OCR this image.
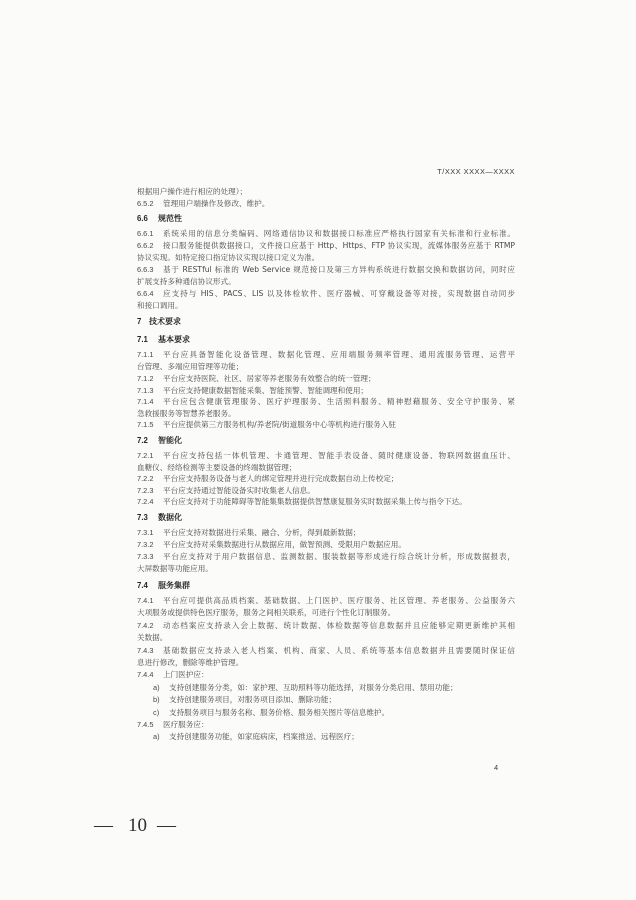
T/XXX XXXX—XXXX
根据用户操作进行相应的处理）；
6.5.2	管理用户端操作及修改、维护。
6.6	规范性
6.6.1	系统采用的信息分类编码、网络通信协议和数据接口标准应严格执行国家有关标准和行业标准。
6.6.2	接口服务能提供数据接口，文件接口应基于 Http、Https、FTP 协议实现，流媒体服务应基于 RTMP
协议实现。如特定接口指定协议实现以接口定义为准。
6.6.3	基于 RESTful 标准的 Web Service 规范接口及第三方异构系统进行数据交换和数据访问，同时应
扩展支持多种通信协议形式。
6.6.4	应支持与 HIS、PACS、LIS 以及体检软件、医疗器械、可穿戴设备等对接，实现数据自动同步
和接口调用。
7 技术要求
7.1	基本要求
7.1.1	平台应具备智能化设备管理、数据化管理、应用端服务频率管理、通用流服务管理、运营平
台管理、多端应用管理等功能；
7.1.2	平台应支持医院、社区、居家等养老服务有效整合的统一管理；
7.1.3	平台应支持健康数据智能采集、智能预警、智能调理和使用；
7.1.4	平台应包含健康管理服务、医疗护理服务、生活照料服务、精神慰藉服务、安全守护服务、紧
急救援服务等智慧养老服务。
7.1.5	平台应提供第三方服务机构/养老院/街道服务中心等机构进行服务入驻
7.2	智能化
7.2.1	平台应支持包括一体机管理、卡通管理、智能手表设备、随时健康设备、物联网数据血压计、
血糖仪、经络检测等主要设备的终端数据管理；
7.2.2	平台应支持服务设备与老人的绑定管理并进行完成数据自动上传校定；
7.2.3	平台应支持通过智能设备实时收集老人信息。
7.2.4	平台应支持对于功能障碍等智能集集数据提供智慧康复服务实时数据采集上传与指令下达。
7.3	数据化
7.3.1	平台应支持对数据进行采集、融合、分析，得到最新数据；
7.3.2	平台应支持对采集数据进行从数据应用，做智预测、受限用户数据应用。
7.3.3	平台应支持对于用户数据信息、监测数据、服装数据等形成进行综合统计分析，形成数据报表，
大屏数据等功能应用。
7.4	服务集群
7.4.1	平台应可提供高品质档案、基础数据、上门医护、医疗服务、社区管理、养老服务、公益服务六
大项服务或提供特色医疗服务，服务之间相关联系，可进行个性化订制服务。
7.4.2	动态档案应支持录入会上数据、统计数据、体检数据等信息数据并且应能够定期更新维护其相
关数据。
7.4.3	基础数据应支持录入老人档案、机构、商家、人员、系统等基本信息数据并且需要随时保证信
息进行修改，删除等维护管理。
7.4.4	上门医护应：
a)	支持创建服务分类，如：家护理、互助照料等功能选择，对服务分类启用、禁用功能；
b)	支持创建服务项目，对服务项目添加、删除功能；
c)	支持服务项目与服务名称、服务价格、服务相关图片等信息维护。
7.4.5	医疗服务应：
a)	支持创建服务功能，如家庭病床，档案推送、远程医疗；
4
— 10 —
